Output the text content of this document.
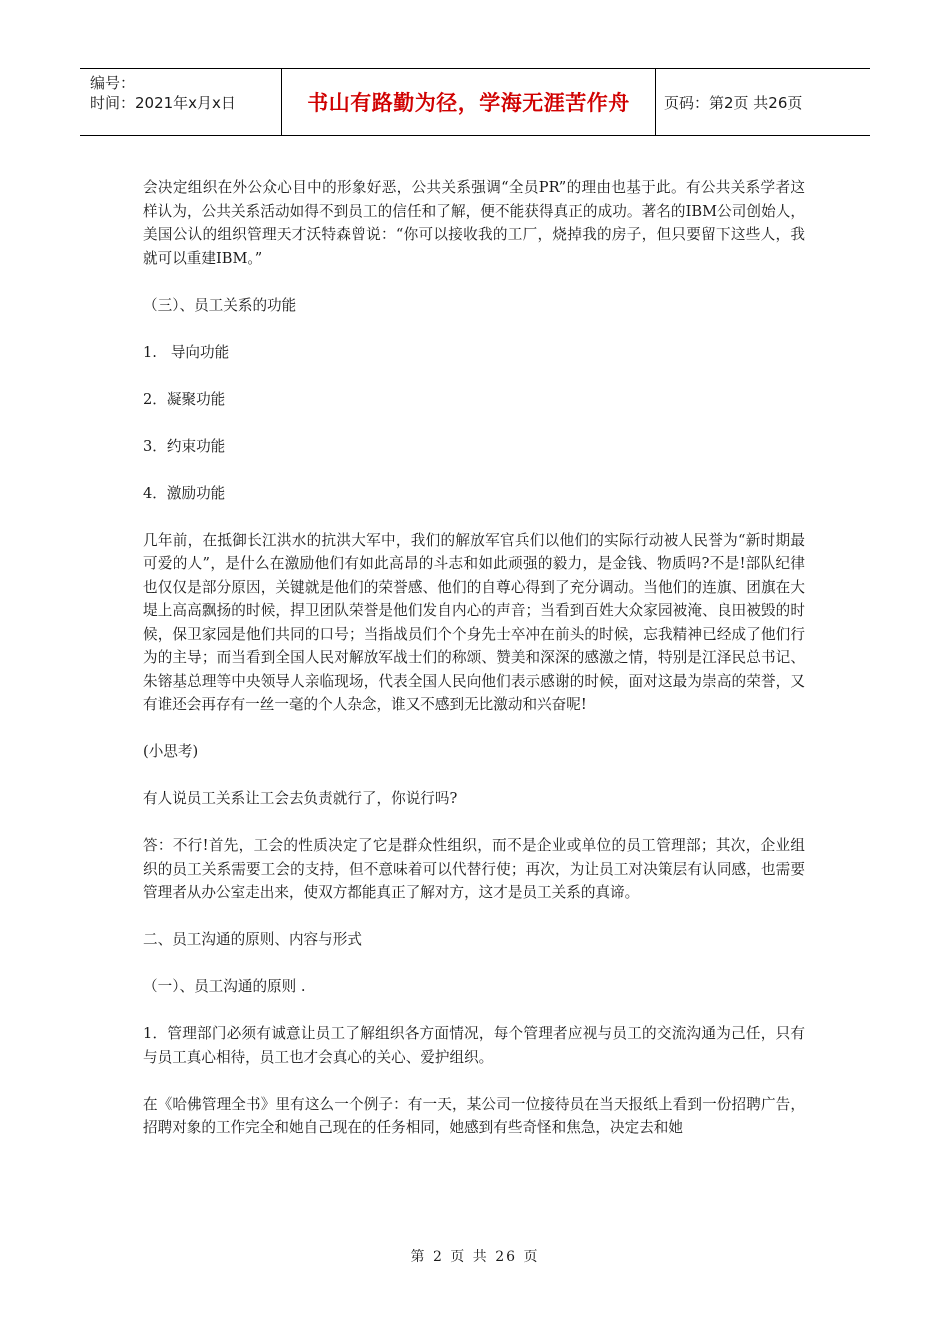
编号：
时间：2021年x月x日	书山有路勤为径，学海无涯苦作舟	页码：第2页 共26页

会决定组织在外公众心目中的形象好恶，公共关系强调“全员PR”的理由也基于此。有公共关系学者这样认为，公共关系活动如得不到员工的信任和了解，便不能获得真正的成功。著名的IBM公司创始人，美国公认的组织管理天才沃特森曾说：“你可以接收我的工厂，烧掉我的房子，但只要留下这些人，我就可以重建IBM。”

（三）、员工关系的功能

1.   导向功能

2．凝聚功能

3．约束功能

4．激励功能

几年前，在抵御长江洪水的抗洪大军中，我们的解放军官兵们以他们的实际行动被人民誉为“新时期最可爱的人”，是什么在激励他们有如此高昂的斗志和如此顽强的毅力，是金钱、物质吗?不是!部队纪律也仅仅是部分原因，关键就是他们的荣誉感、他们的自尊心得到了充分调动。当他们的连旗、团旗在大堤上高高飘扬的时候，捍卫团队荣誉是他们发自内心的声音；当看到百姓大众家园被淹、良田被毁的时候，保卫家园是他们共同的口号；当指战员们个个身先士卒冲在前头的时候，忘我精神已经成了他们行为的主导；而当看到全国人民对解放军战士们的称颂、赞美和深深的感激之情，特别是江泽民总书记、朱镕基总理等中央领导人亲临现场，代表全国人民向他们表示感谢的时候，面对这最为崇高的荣誉，又有谁还会再存有一丝一毫的个人杂念，谁又不感到无比激动和兴奋呢!

(小思考)

有人说员工关系让工会去负责就行了，你说行吗?

答：不行!首先，工会的性质决定了它是群众性组织，而不是企业或单位的员工管理部；其次，企业组织的员工关系需要工会的支持，但不意味着可以代替行使；再次，为让员工对决策层有认同感，也需要管理者从办公室走出来，使双方都能真正了解对方，这才是员工关系的真谛。

二、员工沟通的原则、内容与形式

（一）、员工沟通的原则 .

1．管理部门必须有诚意让员工了解组织各方面情况，每个管理者应视与员工的交流沟通为己任，只有与员工真心相待，员工也才会真心的关心、爱护组织。

在《哈佛管理全书》里有这么一个例子：有一天，某公司一位接待员在当天报纸上看到一份招聘广告，招聘对象的工作完全和她自己现在的任务相同，她感到有些奇怪和焦急，决定去和她

第 2 页 共 26 页
